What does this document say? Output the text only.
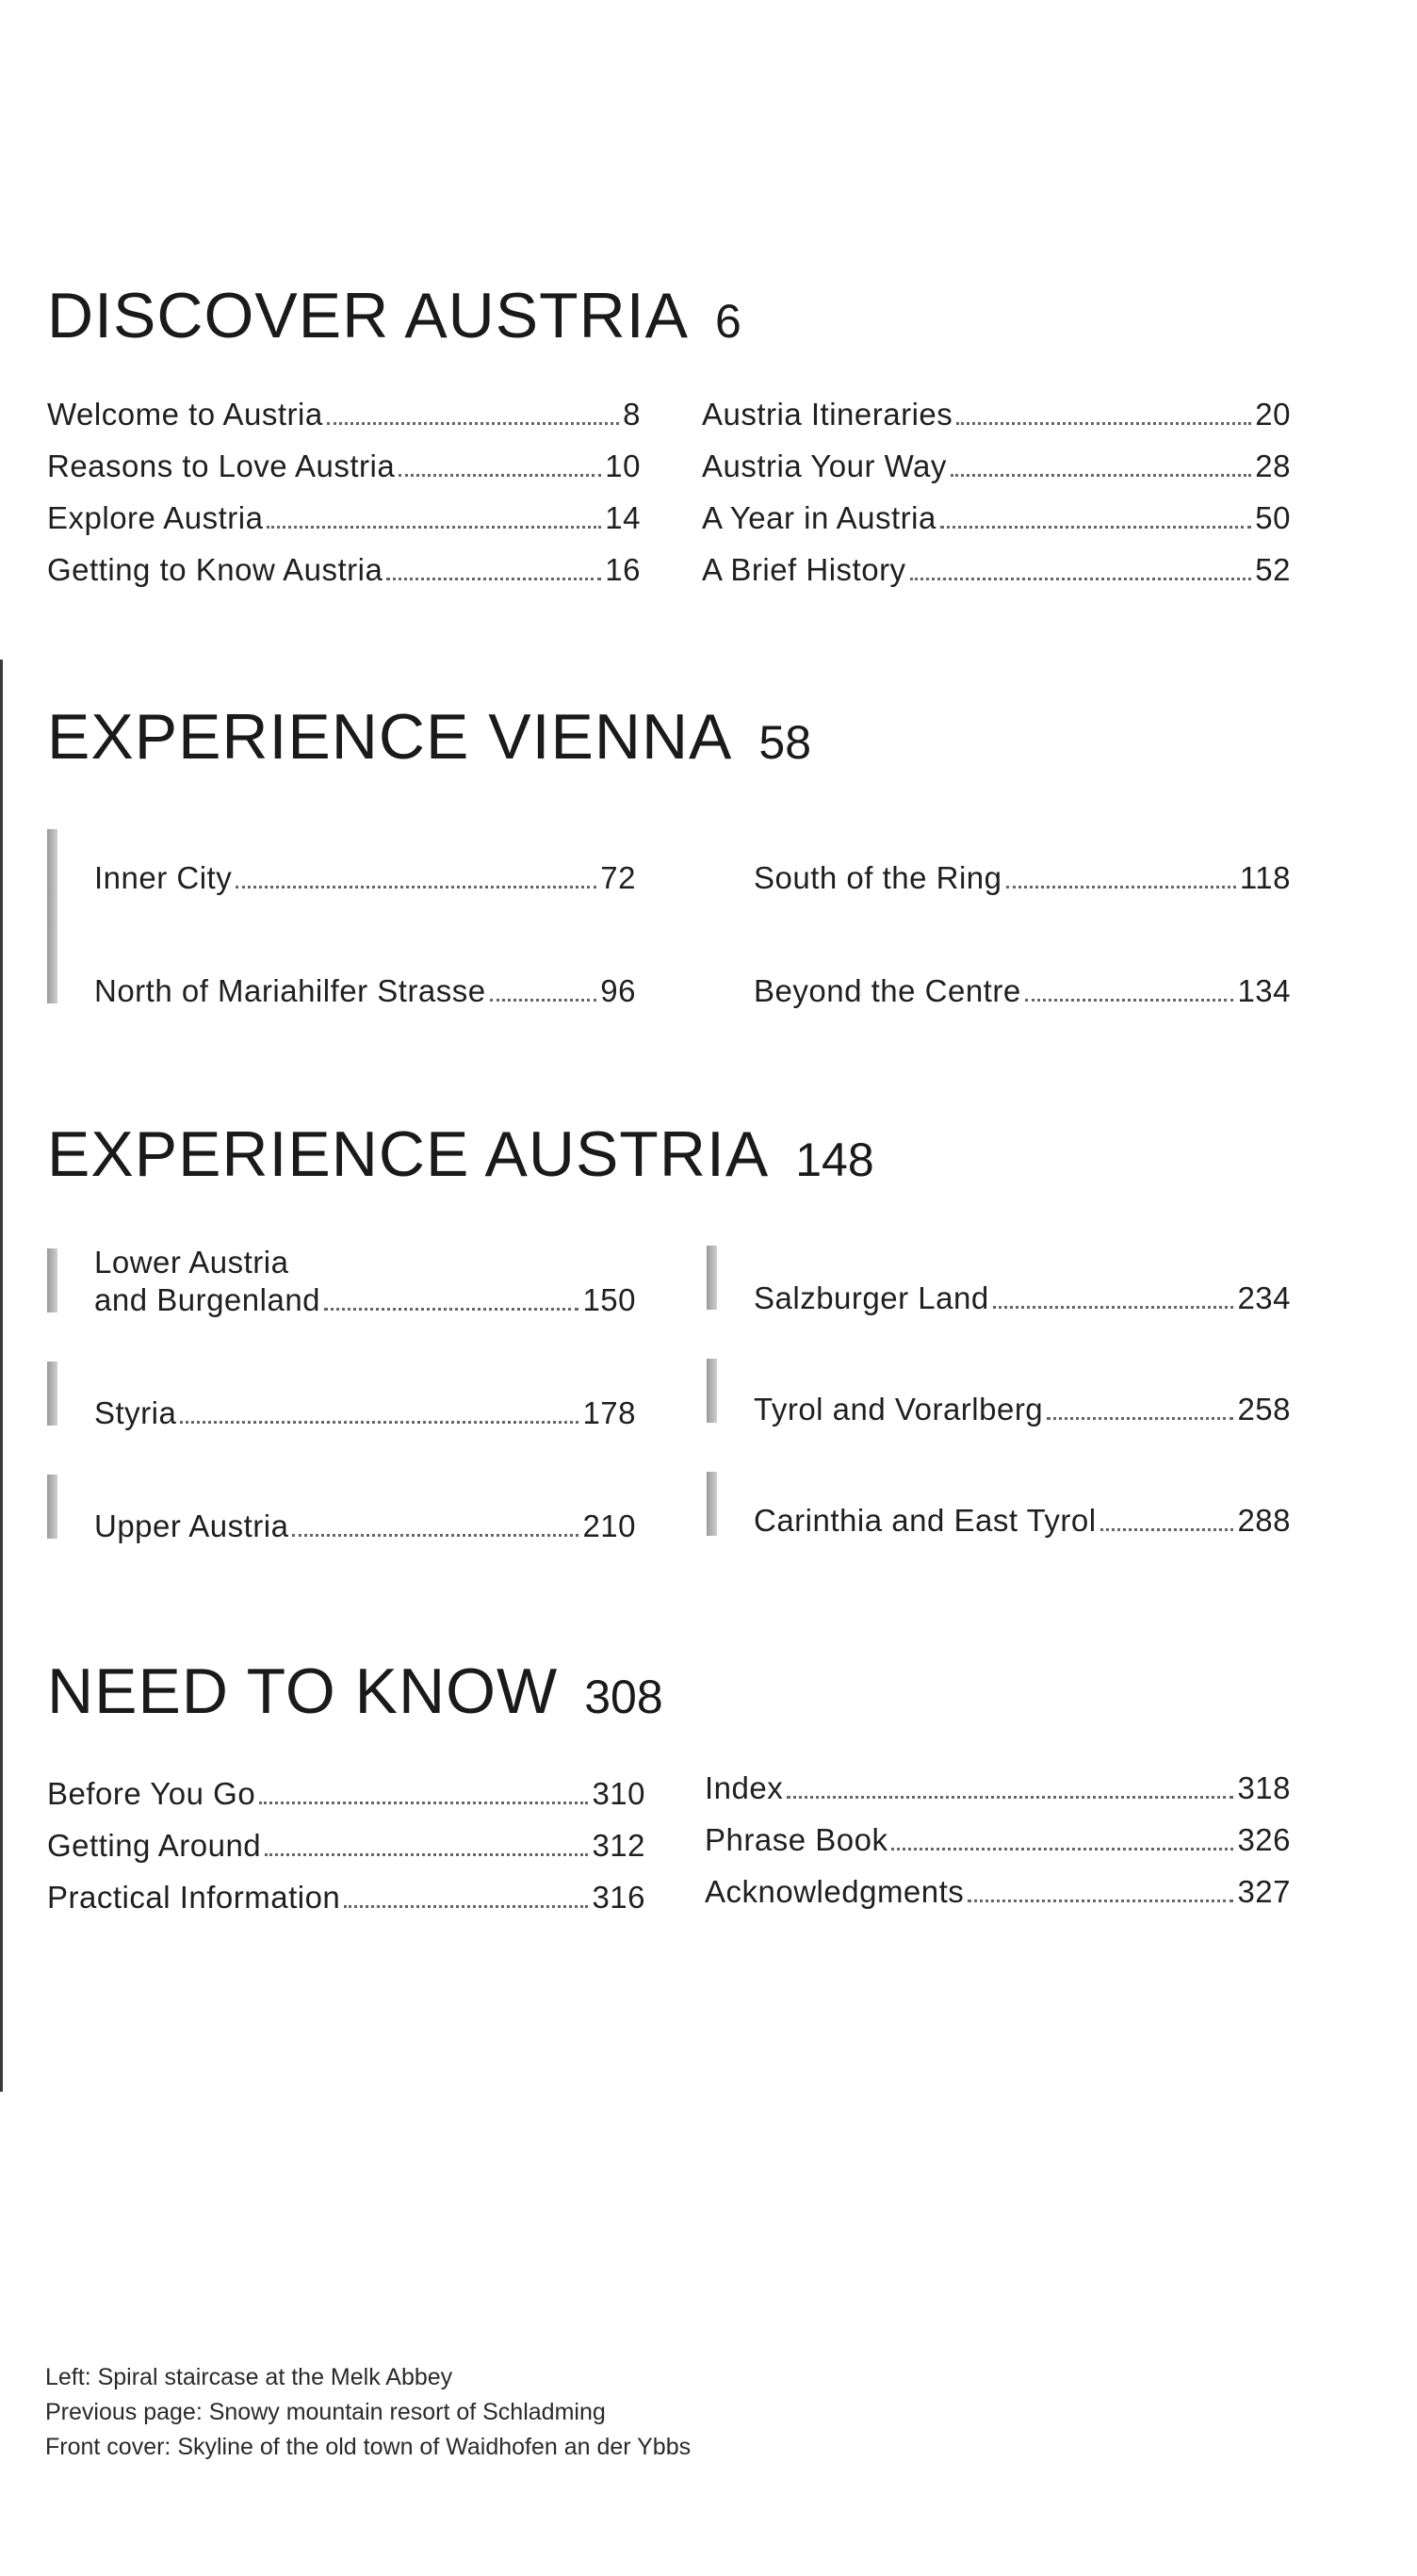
DISCOVER AUSTRIA 6
Welcome to Austria	8
Reasons to Love Austria	10
Explore Austria	14
Getting to Know Austria	16
Austria Itineraries	20
Austria Your Way	28
A Year in Austria	50
A Brief History	52
EXPERIENCE VIENNA 58
Inner City	72
North of Mariahilfer Strasse	96
South of the Ring	118
Beyond the Centre	134
EXPERIENCE AUSTRIA 148
Lower Austria
and Burgenland	150
Styria	178
Upper Austria	210
Salzburger Land	234
Tyrol and Vorarlberg	258
Carinthia and East Tyrol	288
NEED TO KNOW 308
Before You Go	310
Getting Around	312
Practical Information	316
Index	318
Phrase Book	326
Acknowledgments	327
Left: Spiral staircase at the Melk Abbey
Previous page: Snowy mountain resort of Schladming
Front cover: Skyline of the old town of Waidhofen an der Ybbs
